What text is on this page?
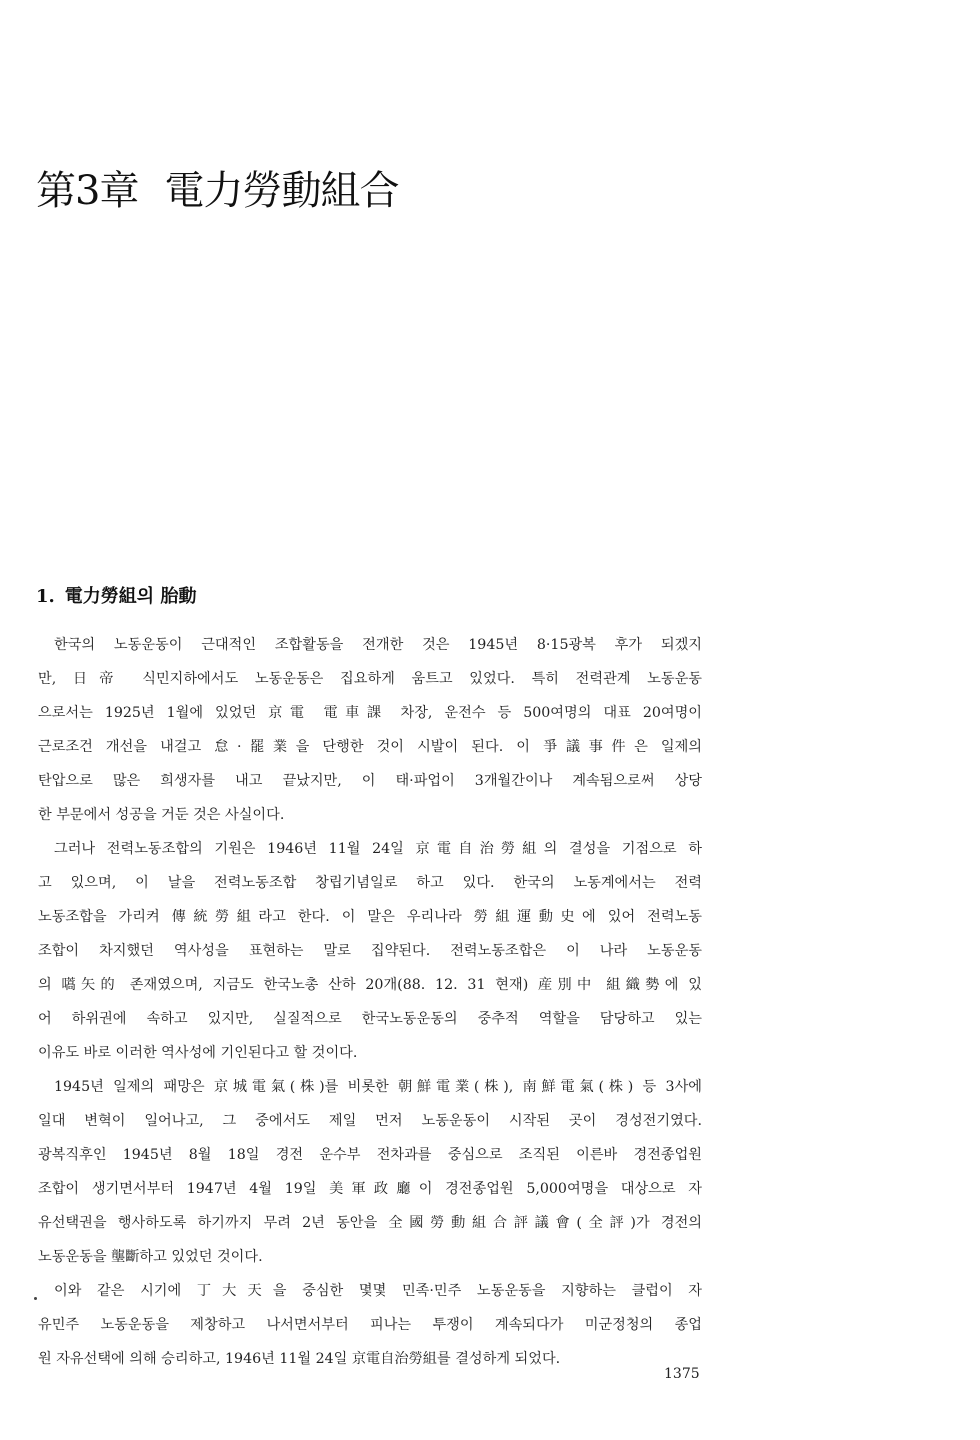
第3章 電力勞動組合
1. 電力勞組의 胎動
한국의 노동운동이 근대적인 조합활동을 전개한 것은 1945년 8·15광복 후가 되겠지
만, 日帝 식민지하에서도 노동운동은 집요하게 움트고 있었다. 특히 전력관계 노동운동
으로서는 1925년 1월에 있었던 京電 電車課 차장, 운전수 등 500여명의 대표 20여명이
근로조건 개선을 내걸고 怠·罷業을 단행한 것이 시발이 된다. 이 爭議事件은 일제의
탄압으로 많은 희생자를 내고 끝났지만, 이 태·파업이 3개월간이나 계속됨으로써 상당
한 부문에서 성공을 거둔 것은 사실이다.
그러나 전력노동조합의 기원은 1946년 11월 24일 京電自治勞組의 결성을 기점으로 하
고 있으며, 이 날을 전력노동조합 창립기념일로 하고 있다. 한국의 노동계에서는 전력
노동조합을 가리켜 傳統勞組라고 한다. 이 말은 우리나라 勞組運動史에 있어 전력노동
조합이 차지했던 역사성을 표현하는 말로 집약된다. 전력노동조합은 이 나라 노동운동
의 嚆矢的 존재였으며, 지금도 한국노총 산하 20개(88. 12. 31 현재) 産別中 組織勢에 있
어 하위권에 속하고 있지만, 실질적으로 한국노동운동의 중추적 역할을 담당하고 있는
이유도 바로 이러한 역사성에 기인된다고 할 것이다.
1945년 일제의 패망은 京城電氣(株)를 비롯한 朝鮮電業(株), 南鮮電氣(株) 등 3사에
일대 변혁이 일어나고, 그 중에서도 제일 먼저 노동운동이 시작된 곳이 경성전기였다.
광복직후인 1945년 8월 18일 경전 운수부 전차과를 중심으로 조직된 이른바 경전종업원
조합이 생기면서부터 1947년 4월 19일 美軍政廳이 경전종업원 5,000여명을 대상으로 자
유선택권을 행사하도록 하기까지 무려 2년 동안을 全國勞動組合評議會(全評)가 경전의
노동운동을 壟斷하고 있었던 것이다.
이와 같은 시기에 丁大天을 중심한 몇몇 민족·민주 노동운동을 지향하는 클럽이 자
유민주 노동운동을 제창하고 나서면서부터 피나는 투쟁이 계속되다가 미군정청의 종업
원 자유선택에 의해 승리하고, 1946년 11월 24일 京電自治勞組를 결성하게 되었다.
1375
